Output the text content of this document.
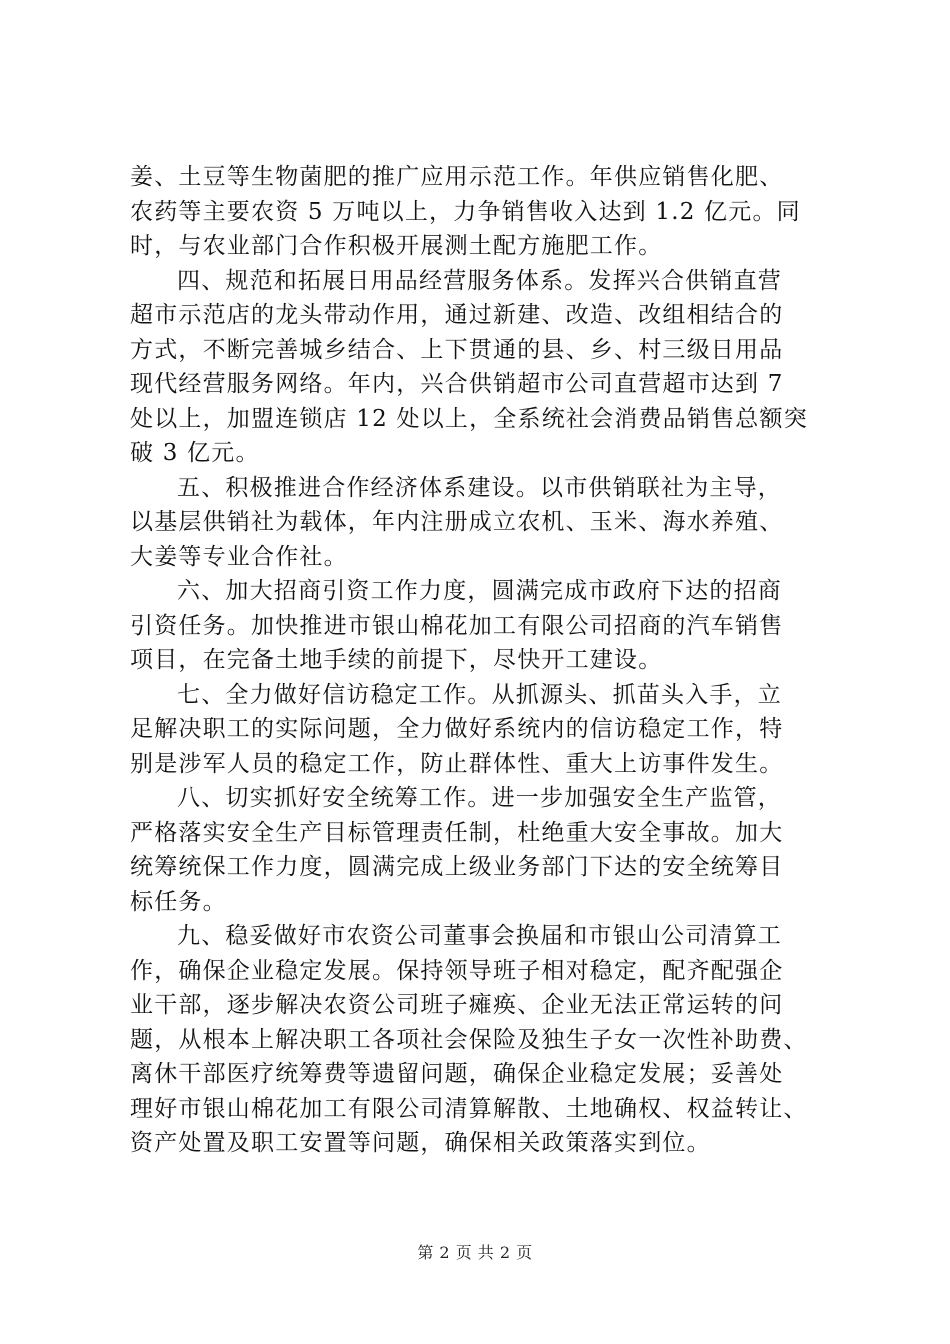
姜、土豆等生物菌肥的推广应用示范工作。年供应销售化肥、
农药等主要农资 5 万吨以上，力争销售收入达到 1.2 亿元。同
时，与农业部门合作积极开展测土配方施肥工作。
四、规范和拓展日用品经营服务体系。发挥兴合供销直营
超市示范店的龙头带动作用，通过新建、改造、改组相结合的
方式，不断完善城乡结合、上下贯通的县、乡、村三级日用品
现代经营服务网络。年内，兴合供销超市公司直营超市达到 7
处以上，加盟连锁店 12 处以上，全系统社会消费品销售总额突
破 3 亿元。
五、积极推进合作经济体系建设。以市供销联社为主导，
以基层供销社为载体，年内注册成立农机、玉米、海水养殖、
大姜等专业合作社。
六、加大招商引资工作力度，圆满完成市政府下达的招商
引资任务。加快推进市银山棉花加工有限公司招商的汽车销售
项目，在完备土地手续的前提下，尽快开工建设。
七、全力做好信访稳定工作。从抓源头、抓苗头入手，立
足解决职工的实际问题，全力做好系统内的信访稳定工作，特
别是涉军人员的稳定工作，防止群体性、重大上访事件发生。
八、切实抓好安全统筹工作。进一步加强安全生产监管，
严格落实安全生产目标管理责任制，杜绝重大安全事故。加大
统筹统保工作力度，圆满完成上级业务部门下达的安全统筹目
标任务。
九、稳妥做好市农资公司董事会换届和市银山公司清算工
作，确保企业稳定发展。保持领导班子相对稳定，配齐配强企
业干部，逐步解决农资公司班子瘫痪、企业无法正常运转的问
题，从根本上解决职工各项社会保险及独生子女一次性补助费、
离休干部医疗统筹费等遗留问题，确保企业稳定发展；妥善处
理好市银山棉花加工有限公司清算解散、土地确权、权益转让、
资产处置及职工安置等问题，确保相关政策落实到位。
第 2 页 共 2 页
